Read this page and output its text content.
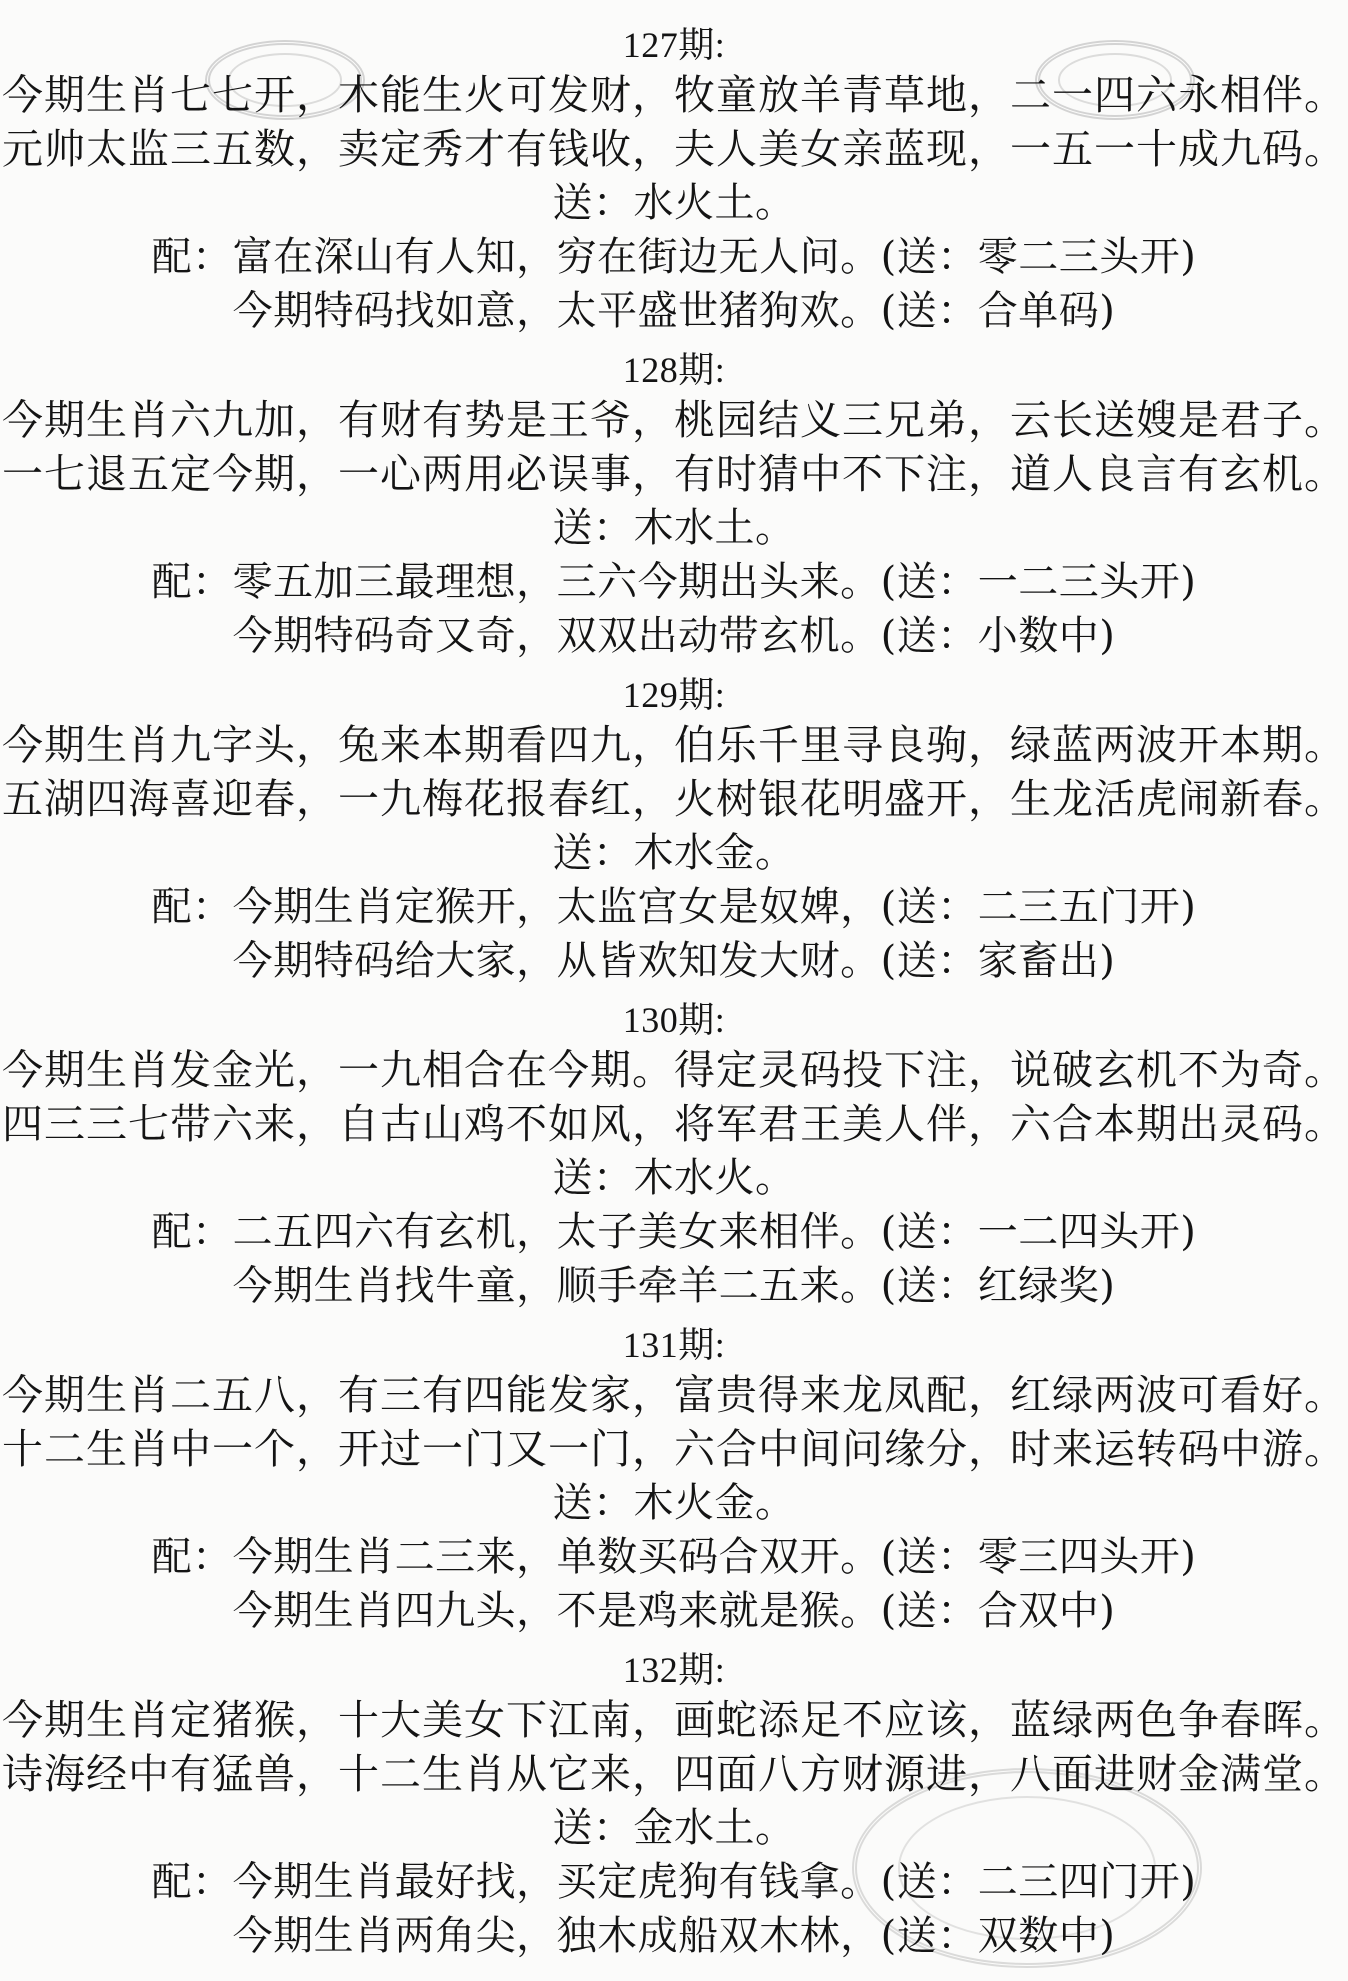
127期:
今期生肖七七开，木能生火可发财，牧童放羊青草地，二一四六永相伴。
元帅太监三五数，卖定秀才有钱收，夫人美女亲蓝现，一五一十成九码。
送：水火土。
配：富在深山有人知，穷在街边无人问。(送：零二三头开)
今期特码找如意，太平盛世猪狗欢。(送：合单码)
128期:
今期生肖六九加，有财有势是王爷，桃园结义三兄弟，云长送嫂是君子。
一七退五定今期，一心两用必误事，有时猜中不下注，道人良言有玄机。
送：木水土。
配：零五加三最理想，三六今期出头来。(送：一二三头开)
今期特码奇又奇，双双出动带玄机。(送：小数中)
129期:
今期生肖九字头，兔来本期看四九，伯乐千里寻良驹，绿蓝两波开本期。
五湖四海喜迎春，一九梅花报春红，火树银花明盛开，生龙活虎闹新春。
送：木水金。
配：今期生肖定猴开，太监宫女是奴婢，(送：二三五门开)
今期特码给大家，从皆欢知发大财。(送：家畜出)
130期:
今期生肖发金光，一九相合在今期。得定灵码投下注，说破玄机不为奇。
四三三七带六来，自古山鸡不如风，将军君王美人伴，六合本期出灵码。
送：木水火。
配：二五四六有玄机，太子美女来相伴。(送：一二四头开)
今期生肖找牛童，顺手牵羊二五来。(送：红绿奖)
131期:
今期生肖二五八，有三有四能发家，富贵得来龙凤配，红绿两波可看好。
十二生肖中一个，开过一门又一门，六合中间问缘分，时来运转码中游。
送：木火金。
配：今期生肖二三来，单数买码合双开。(送：零三四头开)
今期生肖四九头，不是鸡来就是猴。(送：合双中)
132期:
今期生肖定猪猴，十大美女下江南，画蛇添足不应该，蓝绿两色争春晖。
诗海经中有猛兽，十二生肖从它来，四面八方财源进，八面进财金满堂。
送：金水土。
配：今期生肖最好找，买定虎狗有钱拿。(送：二三四门开)
今期生肖两角尖，独木成船双木林，(送：双数中)
